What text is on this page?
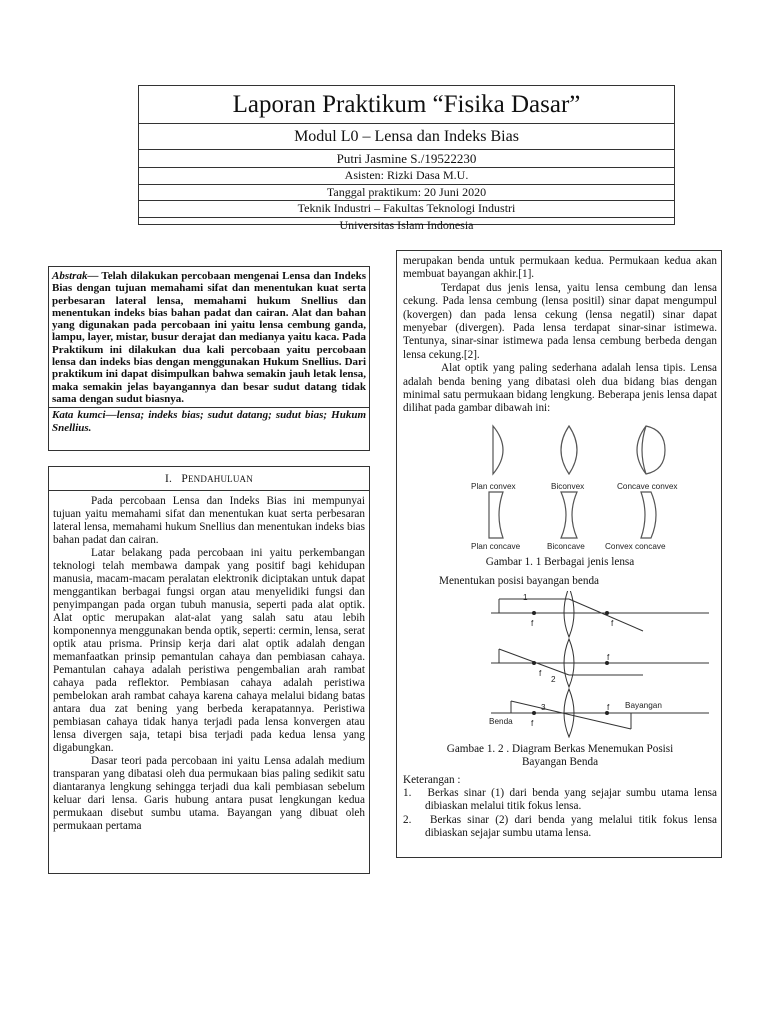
Laporan Praktikum “Fisika Dasar”
Modul L0 – Lensa dan Indeks Bias
Putri Jasmine S./19522230
Asisten: Rizki Dasa M.U.
Tanggal praktikum: 20 Juni 2020
Teknik Industri – Fakultas Teknologi Industri
Universitas Islam Indonesia
Abstrak— Telah dilakukan percobaan mengenai Lensa dan Indeks Bias dengan tujuan memahami sifat dan menentukan kuat serta perbesaran lateral lensa, memahami hukum Snellius dan menentukan indeks bias bahan padat dan cairan. Alat dan bahan yang digunakan pada percobaan ini yaitu lensa cembung ganda, lampu, layer, mistar, busur derajat dan medianya yaitu kaca. Pada Praktikum ini dilakukan dua kali percobaan yaitu percobaan lensa dan indeks bias dengan menggunakan Hukum Snellius. Dari praktikum ini dapat disimpulkan bahwa semakin jauh letak lensa, maka semakin jelas bayangannya dan besar sudut datang tidak sama dengan sudut biasnya.
Kata kumci—lensa; indeks bias; sudut datang; sudut bias; Hukum Snellius.
I. PENDAHULUAN

Pada percobaan Lensa dan Indeks Bias ini mempunyai tujuan yaitu memahami sifat dan menentukan kuat serta perbesaran lateral lensa, memahami hukum Snellius dan menentukan indeks bias bahan padat dan cairan.

Latar belakang pada percobaan ini yaitu perkembangan teknologi telah membawa dampak yang positif bagi kehidupan manusia, macam-macam peralatan elektronik diciptakan untuk dapat menggantikan berbagai fungsi organ atau menyelidiki fungsi dan penyimpangan pada organ tubuh manusia, seperti pada alat optik. Alat optic merupakan alat-alat yang salah satu atau lebih komponennya menggunakan benda optik, seperti: cermin, lensa, serat optik atau prisma. Prinsip kerja dari alat optik adalah dengan memanfaatkan prinsip pemantulan cahaya dan pembiasan cahaya. Pemantulan cahaya adalah peristiwa pengembalian arah rambat cahaya pada reflektor. Pembiasan cahaya adalah peristiwa pembelokan arah rambat cahaya karena cahaya melalui bidang batas antara dua zat bening yang berbeda kerapatannya. Peristiwa pembiasan cahaya tidak hanya terjadi pada lensa konvergen atau lensa divergen saja, tetapi bisa terjadi pada kedua lensa yang digabungkan.

Dasar teori pada percobaan ini yaitu Lensa adalah medium transparan yang dibatasi oleh dua permukaan bias paling sedikit satu diantaranya lengkung sehingga terjadi dua kali pembiasan sebelum keluar dari lensa. Garis hubung antara pusat lengkungan kedua permukaan disebut sumbu utama. Bayangan yang dibuat oleh permukaan pertama

merupakan benda untuk permukaan kedua. Permukaan kedua akan membuat bayangan akhir.[1].

Terdapat dus jenis lensa, yaitu lensa cembung dan lensa cekung. Pada lensa cembung (lensa positil) sinar dapat mengumpul (kovergen) dan pada lensa cekung (lensa negatil) sinar dapat menyebar (divergen). Pada lensa terdapat sinar-sinar istimewa. Tentunya, sinar-sinar istimewa pada lensa cembung berbeda dengan lensa cekung.[2].

Alat optik yang paling sederhana adalah lensa tipis. Lensa adalah benda bening yang dibatasi oleh dua bidang bias dengan minimal satu permukaan bidang lengkung. Beberapa jenis lensa dapat dilihat pada gambar dibawah ini:

Plan convex	Biconvex	Concave convex
Plan concave	Biconcave Convex concave
Gambar 1. 1 Berbagai jenis lensa
Menentukan posisi bayangan benda
1
f	f
f
2
f
Benda
3
f
f Bayangan
Gambae 1. 2 . Diagram Berkas Menemukan Posisi
Bayangan Benda
Keterangan :
1. Berkas sinar (1) dari benda yang sejajar sumbu utama lensa dibiaskan melalui titik fokus lensa.
2. Berkas sinar (2) dari benda yang melalui titik fokus lensa dibiaskan sejajar sumbu utama lensa.
